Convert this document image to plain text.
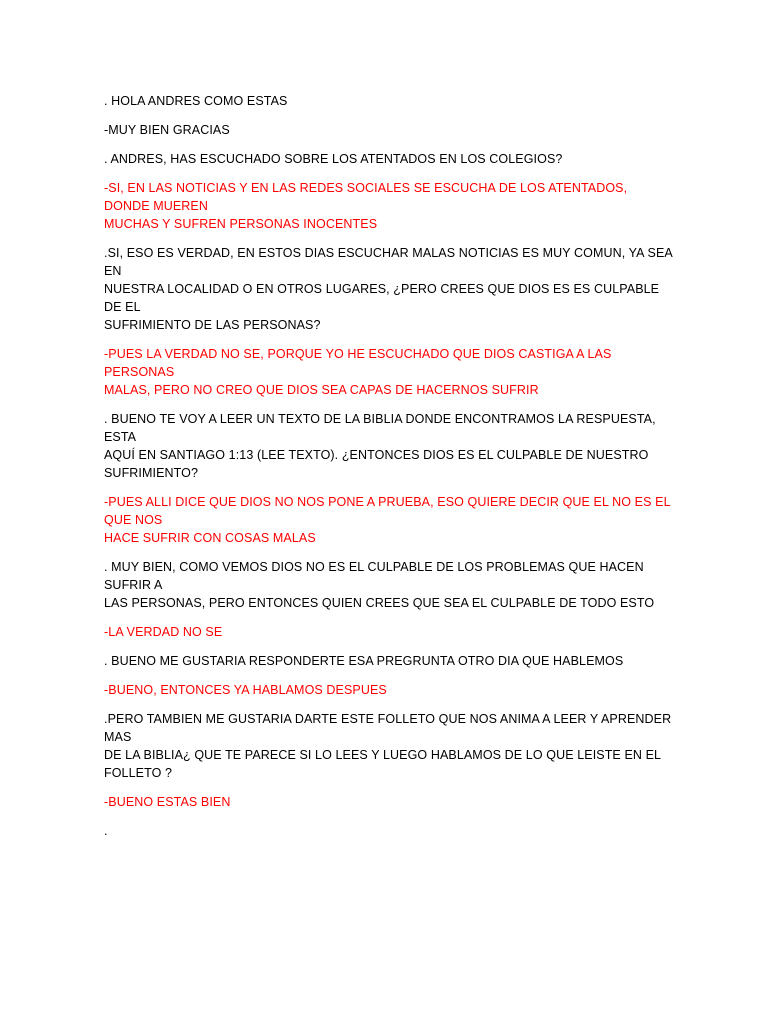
. HOLA ANDRES COMO ESTAS

-MUY BIEN GRACIAS

. ANDRES, HAS ESCUCHADO SOBRE LOS ATENTADOS EN LOS COLEGIOS?

-SI, EN LAS NOTICIAS Y EN LAS REDES SOCIALES SE ESCUCHA DE LOS ATENTADOS, DONDE MUEREN
MUCHAS Y SUFREN PERSONAS INOCENTES

.SI, ESO ES VERDAD, EN ESTOS DIAS ESCUCHAR MALAS NOTICIAS ES MUY COMUN, YA SEA EN
NUESTRA LOCALIDAD O EN OTROS LUGARES, ¿PERO CREES QUE DIOS ES ES CULPABLE DE EL
SUFRIMIENTO DE LAS PERSONAS?

-PUES LA VERDAD NO SE, PORQUE YO HE ESCUCHADO QUE DIOS CASTIGA A LAS PERSONAS
MALAS, PERO NO CREO QUE DIOS SEA CAPAS DE HACERNOS SUFRIR

. BUENO TE VOY A LEER UN TEXTO DE LA BIBLIA DONDE ENCONTRAMOS LA RESPUESTA, ESTA
AQUÍ EN SANTIAGO 1:13 (LEE TEXTO). ¿ENTONCES DIOS ES EL CULPABLE DE NUESTRO
SUFRIMIENTO?

-PUES ALLI DICE QUE DIOS NO NOS PONE A PRUEBA, ESO QUIERE DECIR QUE EL NO ES EL QUE NOS
HACE SUFRIR CON COSAS MALAS

. MUY BIEN, COMO VEMOS DIOS NO ES EL CULPABLE DE LOS PROBLEMAS QUE HACEN SUFRIR A
LAS PERSONAS, PERO ENTONCES QUIEN CREES QUE SEA EL CULPABLE DE TODO ESTO

-LA VERDAD NO SE

. BUENO ME GUSTARIA RESPONDERTE ESA PREGRUNTA OTRO DIA QUE HABLEMOS

-BUENO, ENTONCES YA HABLAMOS DESPUES

.PERO TAMBIEN ME GUSTARIA DARTE ESTE FOLLETO QUE NOS ANIMA A LEER Y APRENDER MAS
DE LA BIBLIA¿ QUE TE PARECE SI LO LEES Y LUEGO HABLAMOS DE LO QUE LEISTE EN EL FOLLETO ?

-BUENO ESTAS BIEN

.
